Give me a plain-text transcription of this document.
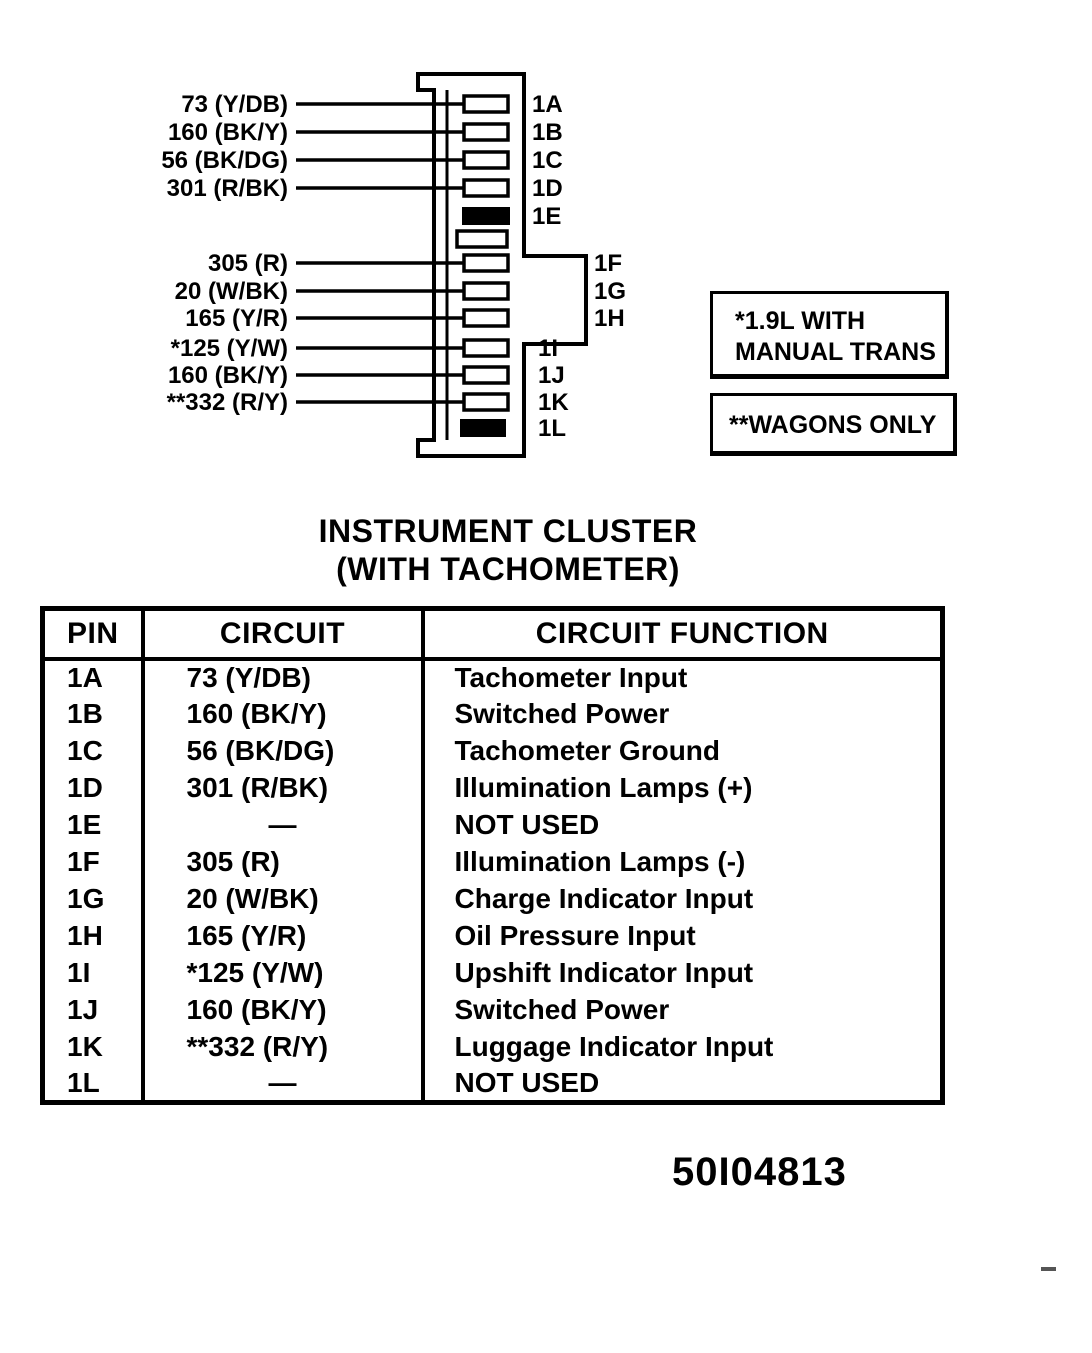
73 (Y/DB)
160 (BK/Y)
56 (BK/DG)
301 (R/BK)
305 (R)
20 (W/BK)
165 (Y/R)
*125 (Y/W)
160 (BK/Y)
**332 (R/Y)
1A
1B
1C
1D
1E
1F
1G
1H
1I
1J
1K
1L
*1.9L WITH
MANUAL TRANS
**WAGONS ONLY
INSTRUMENT CLUSTER
(WITH TACHOMETER)
PIN	CIRCUIT	CIRCUIT FUNCTION
1A	73 (Y/DB)	Tachometer Input
1B	160 (BK/Y)	Switched Power
1C	56 (BK/DG)	Tachometer Ground
1D	301 (R/BK)	Illumination Lamps (+)
1E	—	NOT USED
1F	305 (R)	Illumination Lamps (-)
1G	20 (W/BK)	Charge Indicator Input
1H	165 (Y/R)	Oil Pressure Input
1I	*125 (Y/W)	Upshift Indicator Input
1J	160 (BK/Y)	Switched Power
1K	**332 (R/Y)	Luggage Indicator Input
1L	—	NOT USED
50I04813
